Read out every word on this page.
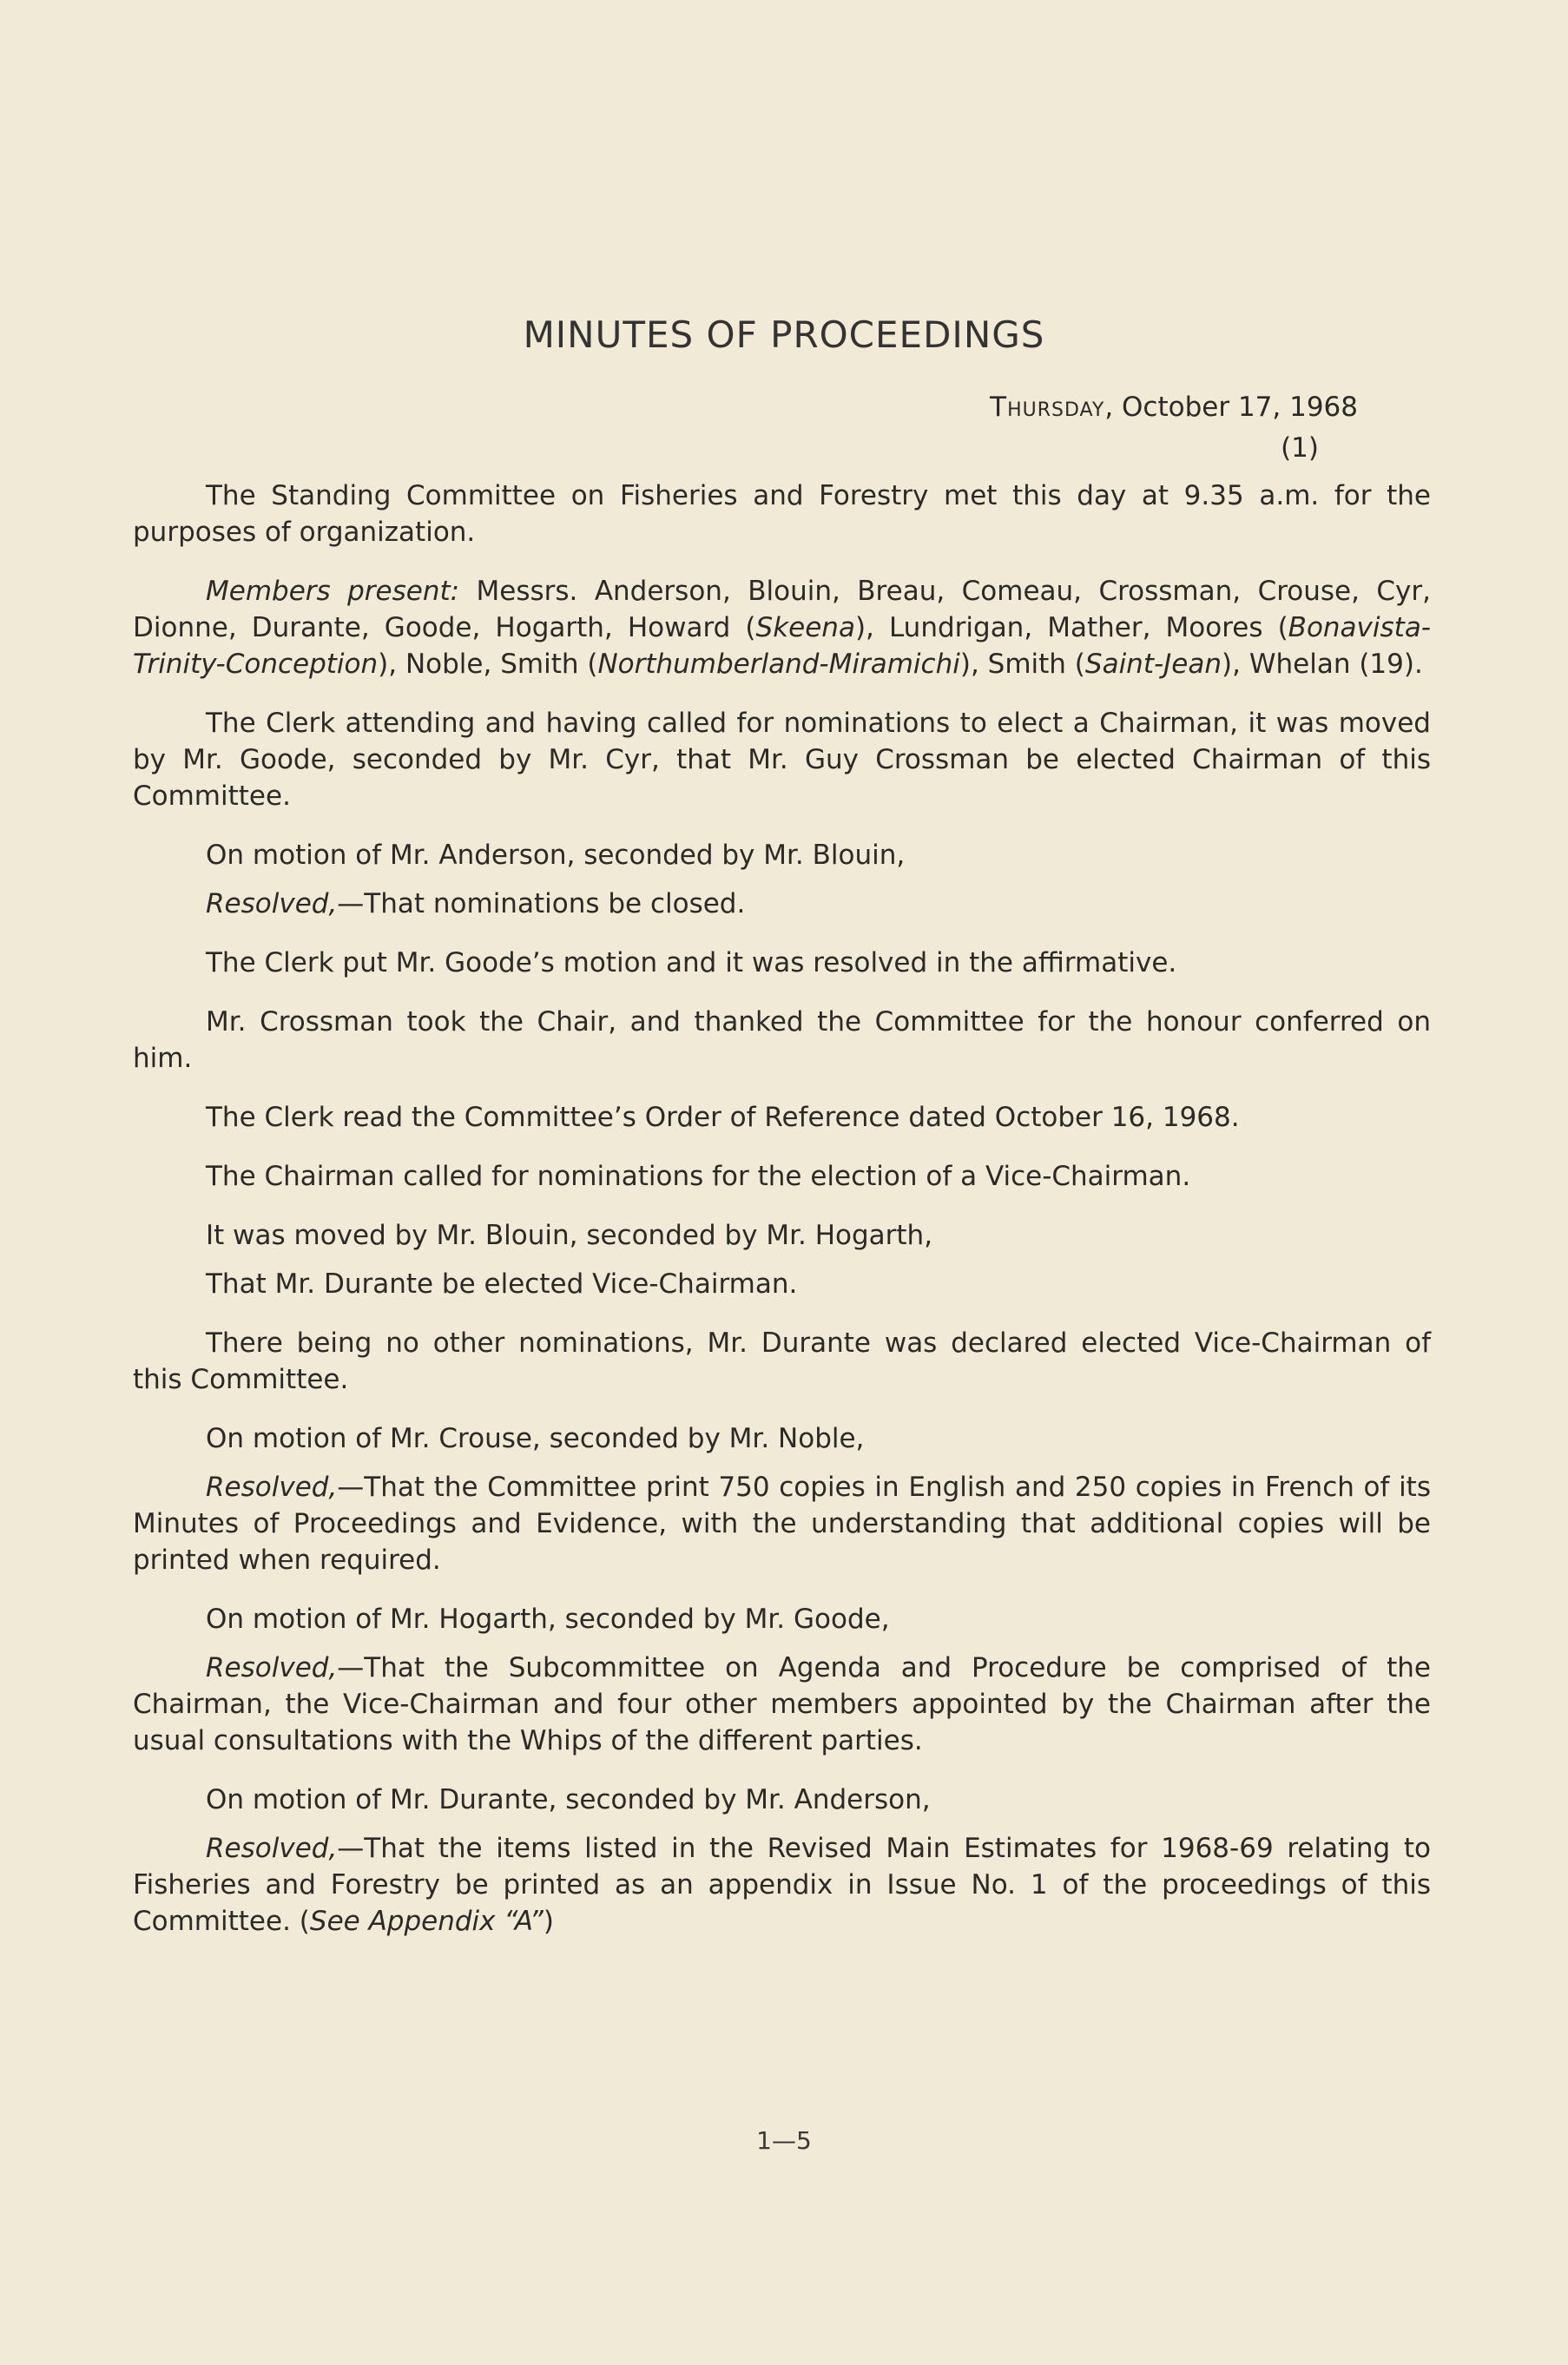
MINUTES OF PROCEEDINGS
Thursday, October 17, 1968
(1)

The Standing Committee on Fisheries and Forestry met this day at 9.35 a.m. for the purposes of organization.

Members present: Messrs. Anderson, Blouin, Breau, Comeau, Crossman, Crouse, Cyr, Dionne, Durante, Goode, Hogarth, Howard (Skeena), Lundrigan, Mather, Moores (Bonavista-Trinity-Conception), Noble, Smith (Northumberland-Miramichi), Smith (Saint-Jean), Whelan (19).

The Clerk attending and having called for nominations to elect a Chairman, it was moved by Mr. Goode, seconded by Mr. Cyr, that Mr. Guy Crossman be elected Chairman of this Committee.

On motion of Mr. Anderson, seconded by Mr. Blouin,

Resolved,—That nominations be closed.

The Clerk put Mr. Goode’s motion and it was resolved in the affirmative.

Mr. Crossman took the Chair, and thanked the Committee for the honour conferred on him.

The Clerk read the Committee’s Order of Reference dated October 16, 1968.

The Chairman called for nominations for the election of a Vice-Chairman.

It was moved by Mr. Blouin, seconded by Mr. Hogarth,

That Mr. Durante be elected Vice-Chairman.

There being no other nominations, Mr. Durante was declared elected Vice-Chairman of this Committee.

On motion of Mr. Crouse, seconded by Mr. Noble,

Resolved,—That the Committee print 750 copies in English and 250 copies in French of its Minutes of Proceedings and Evidence, with the understanding that additional copies will be printed when required.

On motion of Mr. Hogarth, seconded by Mr. Goode,

Resolved,—That the Subcommittee on Agenda and Procedure be comprised of the Chairman, the Vice-Chairman and four other members appointed by the Chairman after the usual consultations with the Whips of the different parties.

On motion of Mr. Durante, seconded by Mr. Anderson,

Resolved,—That the items listed in the Revised Main Estimates for 1968-69 relating to Fisheries and Forestry be printed as an appendix in Issue No. 1 of the proceedings of this Committee. (See Appendix “A”)

1—5
